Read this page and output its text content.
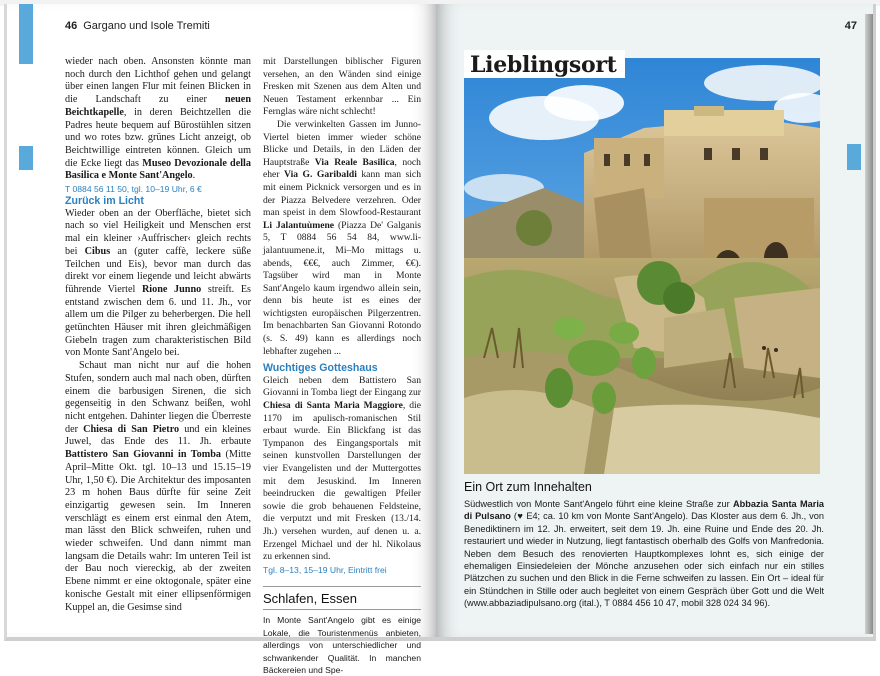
46 Gargano und Isole Tremiti

wieder nach oben. Ansonsten könnte man noch durch den Lichthof gehen und gelangt über einen langen Flur mit feinen Blicken in die Landschaft zu einer neuen Beichtkapelle, in deren Beichtzellen die Padres heute bequem auf Bürostühlen sitzen und wo rotes bzw. grünes Licht anzeigt, ob Beichtwillige eintreten können. Gleich um die Ecke liegt das Museo Devozionale della Basilica e Monte Sant'Angelo.

T 0884 56 11 50, tgl. 10–19 Uhr, 6 €

Zurück im Licht

Wieder oben an der Oberfläche, bietet sich nach so viel Heiligkeit und Menschen erst mal ein kleiner ›Auffrischer‹ gleich rechts bei Cibus an (guter caffè, leckere süße Teilchen und Eis), bevor man durch das direkt vor einem liegende und leicht abwärts führende Viertel Rione Junno streift. Es entstand zwischen dem 6. und 11. Jh., vor allem um die Pilger zu beherbergen. Die hell getünchten Häuser mit ihren gleichmäßigen Giebeln tragen zum charakteristischen Bild von Monte Sant'Angelo bei.

Schaut man nicht nur auf die hohen Stufen, sondern auch mal nach oben, dürften einem die barbusigen Sirenen, die sich gegenseitig in den Schwanz beißen, wohl nicht entgehen. Dahinter liegen die Überreste der Chiesa di San Pietro und ein kleines Juwel, das Ende des 11. Jh. erbaute Battistero San Giovanni in Tomba (Mitte April–Mitte Okt. tgl. 10–13 und 15.15–19 Uhr, 1,50 €). Die Architektur des imposanten 23 m hohen Baus dürfte für seine Zeit einzigartig gewesen sein. Im Inneren verschlägt es einem erst einmal den Atem, man lässt den Blick schweifen, ruhen und wieder schweifen. Und dann nimmt man langsam die Details wahr: Im unteren Teil ist der Bau noch viereckig, ab der zweiten Ebene nimmt er eine oktogonale, später eine konische Gestalt mit einer ellipsenförmigen Kuppel an, die Gesimse sind

mit Darstellungen biblischer Figuren versehen, an den Wänden sind einige Fresken mit Szenen aus dem Alten und Neuen Testament erkennbar ... Ein Fernglas wäre nicht schlecht!

Die verwinkelten Gassen im Junno-Viertel bieten immer wieder schöne Blicke und Details, in den Läden der Hauptstraße Via Reale Basilica, noch eher Via G. Garibaldi kann man sich mit einem Picknick versorgen und es in der Piazza Belvedere verzehren. Oder man speist in dem Slowfood-Restaurant Li Jalantuùmene (Piazza De' Galganis 5, T 0884 56 54 84, www.li-jalantuumene.it, Mi–Mo mittags u. abends, €€€, auch Zimmer, €€). Tagsüber wird man in Monte Sant'Angelo kaum irgendwo allein sein, denn bis heute ist es eines der wichtigsten europäischen Pilgerzentren. Im benachbarten San Giovanni Rotondo (s. S. 49) kann es allerdings noch lebhafter zugehen ...

Wuchtiges Gotteshaus

Gleich neben dem Battistero San Giovanni in Tomba liegt der Eingang zur Chiesa di Santa Maria Maggiore, die 1170 im apulisch-romanischen Stil erbaut wurde. Ein Blickfang ist das Tympanon des Eingangsportals mit seinen kunstvollen Darstellungen der vier Evangelisten und der Muttergottes mit dem Jesuskind. Im Inneren beeindrucken die gewaltigen Pfeiler sowie die grob behauenen Feldsteine, die verputzt und mit Fresken (13./14. Jh.) versehen wurden, auf denen u. a. Erzengel Michael und der hl. Nikolaus zu erkennen sind.

Tgl. 8–13, 15–19 Uhr, Eintritt frei

Schlafen, Essen

In Monte Sant'Angelo gibt es einige Lokale, die Touristenmenüs anbieten, allerdings von unterschiedlicher und schwankender Qualität. In manchen Bäckereien und Spe-

47
Lieblingsort
Ein Ort zum Innehalten

Südwestlich von Monte Sant'Angelo führt eine kleine Straße zur Abbazia Santa Maria di Pulsano (♥ E4; ca. 10 km von Monte Sant'Angelo). Das Kloster aus dem 6. Jh., von Benediktinern im 12. Jh. erweitert, seit dem 19. Jh. eine Ruine und Ende des 20. Jh. restauriert und wieder in Nutzung, liegt fantastisch oberhalb des Golfs von Manfredonia. Neben dem Besuch des renovierten Hauptkomplexes lohnt es, sich einige der ehemaligen Einsiedeleien der Mönche anzusehen oder sich einfach nur ein stilles Plätzchen zu suchen und den Blick in die Ferne schweifen zu lassen. Ein Ort – ideal für ein Stündchen in Stille oder auch begleitet von einem Gespräch über Gott und die Welt (www.abbaziadipulsano.org (ital.), T 0884 456 10 47, mobil 328 024 34 96).
